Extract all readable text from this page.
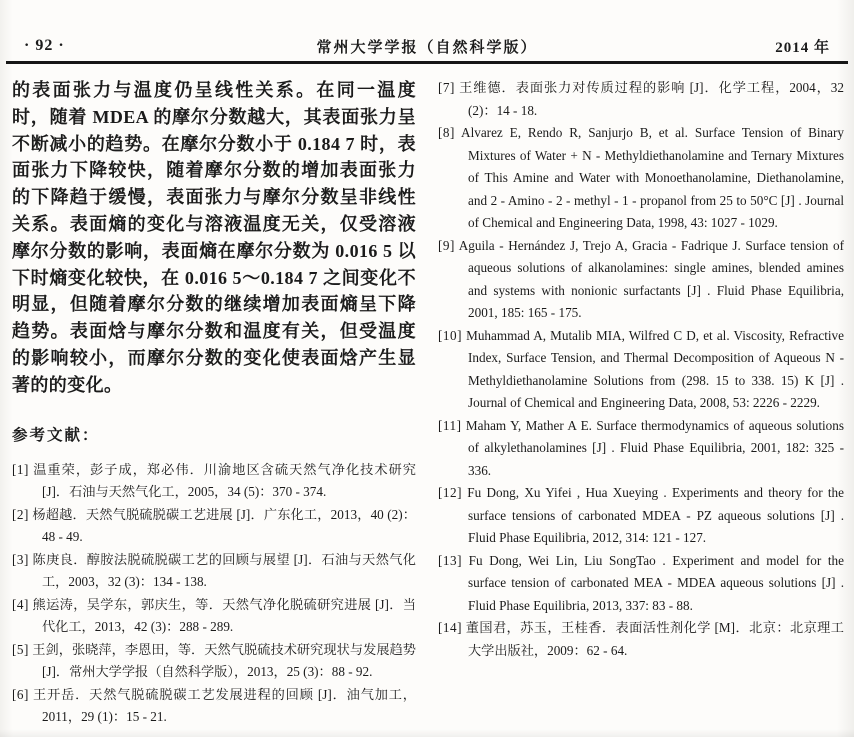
· 92 ·	常州大学学报（自然科学版）	2014 年

的表面张力与温度仍呈线性关系。在同一温度时，随着 MDEA 的摩尔分数越大，其表面张力呈不断减小的趋势。在摩尔分数小于 0.184 7 时，表面张力下降较快，随着摩尔分数的增加表面张力的下降趋于缓慢，表面张力与摩尔分数呈非线性关系。表面熵的变化与溶液温度无关，仅受溶液摩尔分数的影响，表面熵在摩尔分数为 0.016 5 以下时熵变化较快，在 0.016 5～0.184 7 之间变化不明显，但随着摩尔分数的继续增加表面熵呈下降趋势。表面焓与摩尔分数和温度有关，但受温度的影响较小，而摩尔分数的变化使表面焓产生显著的的变化。

参考文献：
[1] 温重荣，彭子成，郑必伟．川渝地区含硫天然气净化技术研究 [J]．石油与天然气化工，2005，34 (5)：370 - 374.
[2] 杨超越．天然气脱硫脱碳工艺进展 [J]．广东化工，2013，40 (2)：48 - 49.
[3] 陈庚良．醇胺法脱硫脱碳工艺的回顾与展望 [J]．石油与天然气化工，2003，32 (3)：134 - 138.
[4] 熊运涛，吴学东，郭庆生，等．天然气净化脱硫研究进展 [J]．当代化工，2013，42 (3)：288 - 289.
[5] 王剑，张晓萍，李恩田，等．天然气脱硫技术研究现状与发展趋势 [J]．常州大学学报（自然科学版），2013，25 (3)：88 - 92.
[6] 王开岳．天然气脱硫脱碳工艺发展进程的回顾 [J]．油气加工，2011，29 (1)：15 - 21.
[7] 王维德．表面张力对传质过程的影响 [J]．化学工程，2004，32 (2)：14 - 18.
[8] Alvarez E, Rendo R, Sanjurjo B, et al. Surface Tension of Binary Mixtures of Water + N - Methyldiethanolamine and Ternary Mixtures of This Amine and Water with Monoethanolamine, Diethanolamine, and 2 - Amino - 2 - methyl - 1 - propanol from 25 to 50°C [J] . Journal of Chemical and Engineering Data, 1998, 43: 1027 - 1029.
[9] Aguila - Hernández J, Trejo A, Gracia - Fadrique J. Surface tension of aqueous solutions of alkanolamines: single amines, blended amines and systems with nonionic surfactants [J] . Fluid Phase Equilibria, 2001, 185: 165 - 175.
[10] Muhammad A, Mutalib MIA, Wilfred C D, et al. Viscosity, Refractive Index, Surface Tension, and Thermal Decomposition of Aqueous N - Methyldiethanolamine Solutions from (298. 15 to 338. 15) K [J] . Journal of Chemical and Engineering Data, 2008, 53: 2226 - 2229.
[11] Maham Y, Mather A E. Surface thermodynamics of aqueous solutions of alkylethanolamines [J] . Fluid Phase Equilibria, 2001, 182: 325 - 336.
[12] Fu Dong, Xu Yifei , Hua Xueying . Experiments and theory for the surface tensions of carbonated MDEA - PZ aqueous solutions [J] . Fluid Phase Equilibria, 2012, 314: 121 - 127.
[13] Fu Dong, Wei Lin, Liu SongTao . Experiment and model for the surface tension of carbonated MEA - MDEA aqueous solutions [J] . Fluid Phase Equilibria, 2013, 337: 83 - 88.
[14] 董国君，苏玉，王桂香．表面活性剂化学 [M]．北京：北京理工大学出版社，2009：62 - 64.
